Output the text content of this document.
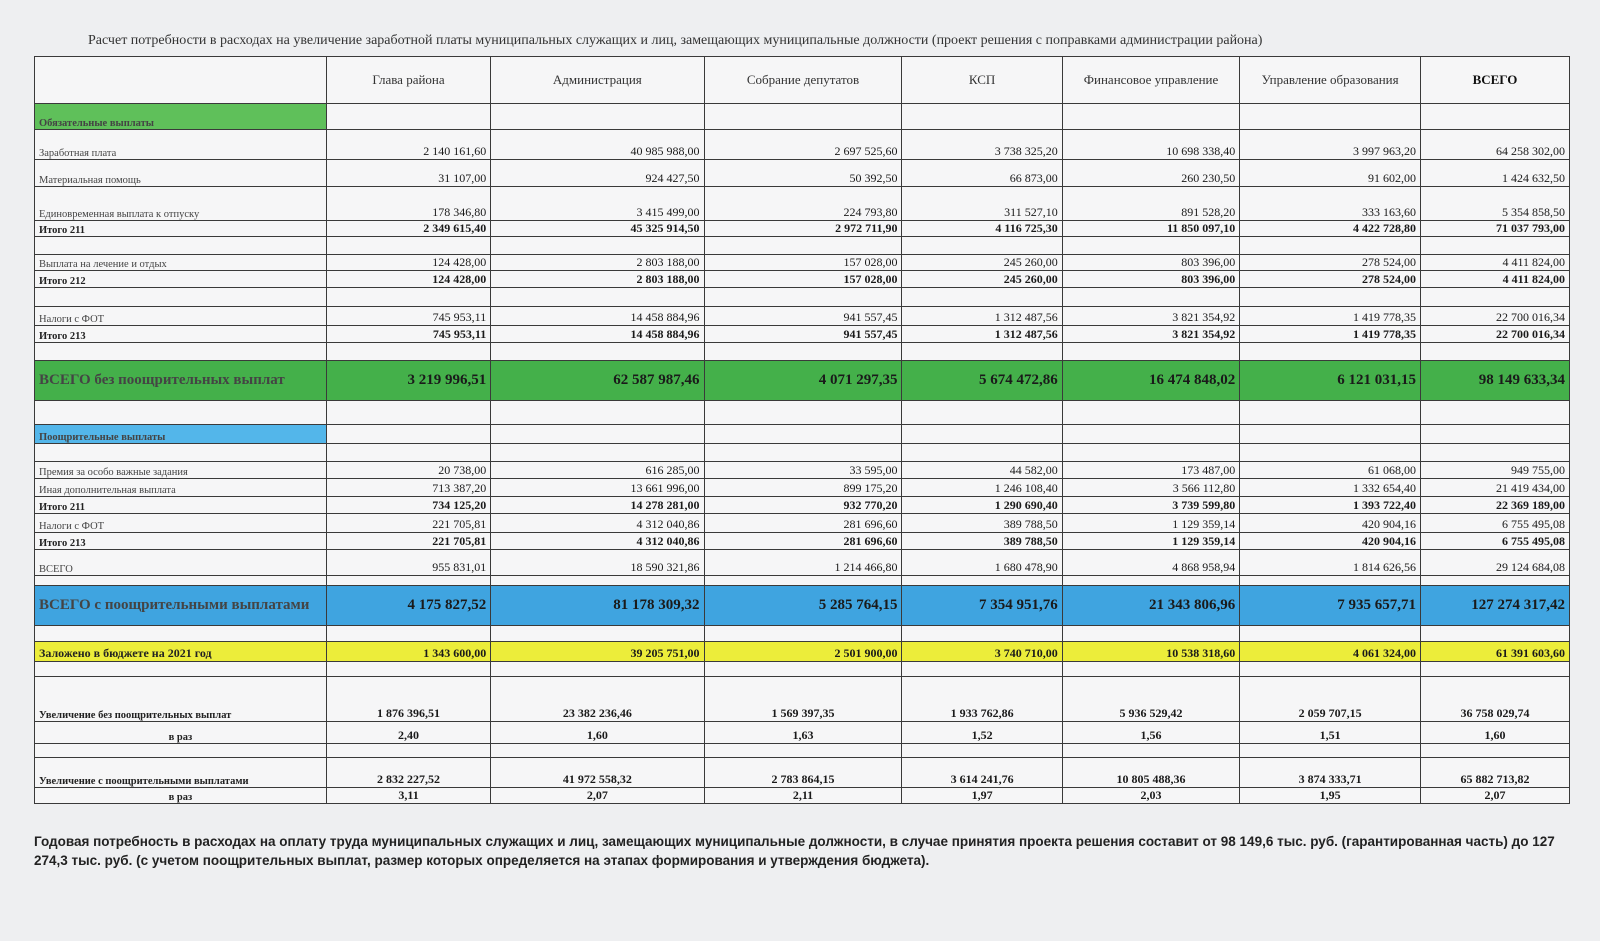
Расчет потребности в расходах на увеличение заработной платы муниципальных служащих и лиц, замещающих муниципальные должности (проект решения с поправками администрации района)
	Глава района	Администрация	Собрание депутатов	КСП	Финансовое управление	Управление образования	ВСЕГО
Обязательные выплаты							
Заработная плата	2 140 161,60	40 985 988,00	2 697 525,60	3 738 325,20	10 698 338,40	3 997 963,20	64 258 302,00
Материальная помощь	31 107,00	924 427,50	50 392,50	66 873,00	260 230,50	91 602,00	1 424 632,50
Единовременная выплата к отпуску	178 346,80	3 415 499,00	224 793,80	311 527,10	891 528,20	333 163,60	5 354 858,50
Итого 211	2 349 615,40	45 325 914,50	2 972 711,90	4 116 725,30	11 850 097,10	4 422 728,80	71 037 793,00

Выплата на лечение и отдых	124 428,00	2 803 188,00	157 028,00	245 260,00	803 396,00	278 524,00	4 411 824,00
Итого 212	124 428,00	2 803 188,00	157 028,00	245 260,00	803 396,00	278 524,00	4 411 824,00

Налоги с ФОТ	745 953,11	14 458 884,96	941 557,45	1 312 487,56	3 821 354,92	1 419 778,35	22 700 016,34
Итого 213	745 953,11	14 458 884,96	941 557,45	1 312 487,56	3 821 354,92	1 419 778,35	22 700 016,34

ВСЕГО без поощрительных выплат	3 219 996,51	62 587 987,46	4 071 297,35	5 674 472,86	16 474 848,02	6 121 031,15	98 149 633,34

Поощрительные выплаты							

Премия за особо важные задания	20 738,00	616 285,00	33 595,00	44 582,00	173 487,00	61 068,00	949 755,00
Иная дополнительная выплата	713 387,20	13 661 996,00	899 175,20	1 246 108,40	3 566 112,80	1 332 654,40	21 419 434,00
Итого 211	734 125,20	14 278 281,00	932 770,20	1 290 690,40	3 739 599,80	1 393 722,40	22 369 189,00
Налоги с ФОТ	221 705,81	4 312 040,86	281 696,60	389 788,50	1 129 359,14	420 904,16	6 755 495,08
Итого 213	221 705,81	4 312 040,86	281 696,60	389 788,50	1 129 359,14	420 904,16	6 755 495,08
ВСЕГО	955 831,01	18 590 321,86	1 214 466,80	1 680 478,90	4 868 958,94	1 814 626,56	29 124 684,08

ВСЕГО с поощрительными выплатами	4 175 827,52	81 178 309,32	5 285 764,15	7 354 951,76	21 343 806,96	7 935 657,71	127 274 317,42

Заложено в бюджете на 2021 год	1 343 600,00	39 205 751,00	2 501 900,00	3 740 710,00	10 538 318,60	4 061 324,00	61 391 603,60

Увеличение без поощрительных выплат	1 876 396,51	23 382 236,46	1 569 397,35	1 933 762,86	5 936 529,42	2 059 707,15	36 758 029,74
в раз	2,40	1,60	1,63	1,52	1,56	1,51	1,60

Увеличение с поощрительными выплатами	2 832 227,52	41 972 558,32	2 783 864,15	3 614 241,76	10 805 488,36	3 874 333,71	65 882 713,82
в раз	3,11	2,07	2,11	1,97	2,03	1,95	2,07
Годовая потребность в расходах на оплату труда муниципальных служащих и лиц, замещающих муниципальные должности, в случае принятия проекта решения составит от 98 149,6 тыс. руб. (гарантированная часть) до 127 274,3 тыс. руб. (с учетом поощрительных выплат, размер которых определяется на этапах формирования и утверждения бюджета).
